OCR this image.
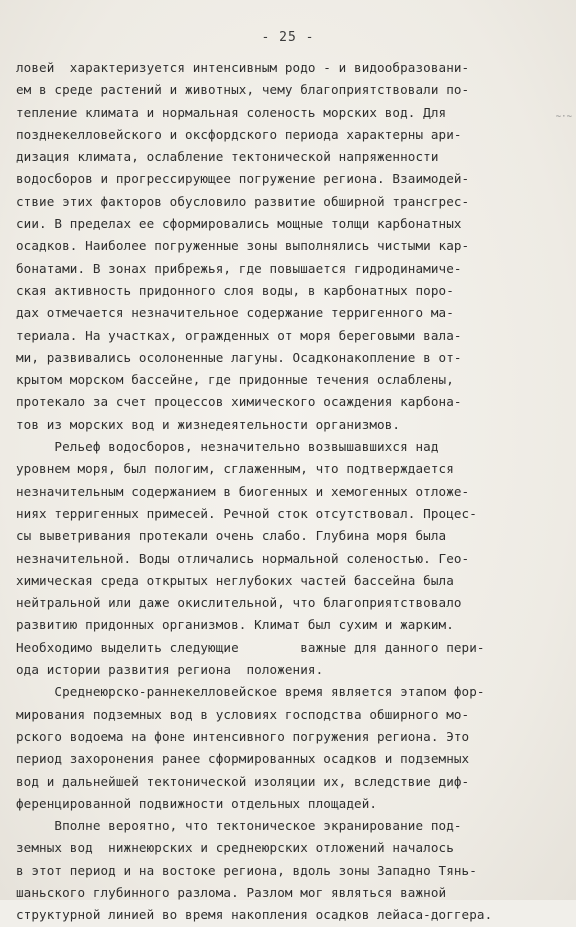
- 25 -
~·~
ловей  характеризуется интенсивным родо - и видообразовани-
ем в среде растений и животных, чему благоприятствовали по-
тепление климата и нормальная соленость морских вод. Для
позднекелловейского и оксфордского периода характерны ари-
дизация климата, ослабление тектонической напряженности
водосборов и прогрессирующее погружение региона. Взаимодей-
ствие этих факторов обусловило развитие обширной трансгрес-
сии. В пределах ее сформировались мощные толщи карбонатных
осадков. Наиболее погруженные зоны выполнялись чистыми кар-
бонатами. В зонах прибрежья, где повышается гидродинамиче-
ская активность придонного слоя воды, в карбонатных поро-
дах отмечается незначительное содержание терригенного ма-
териала. На участках, огражденных от моря береговыми вала-
ми, развивались осолоненные лагуны. Осадконакопление в от-
крытом морском бассейне, где придонные течения ослаблены,
протекало за счет процессов химического осаждения карбона-
тов из морских вод и жизнедеятельности организмов.
Рельеф водосборов, незначительно возвышавшихся над
уровнем моря, был пологим, сглаженным, что подтверждается
незначительным содержанием в биогенных и хемогенных отложе-
ниях терригенных примесей. Речной сток отсутствовал. Процес-
сы выветривания протекали очень слабо. Глубина моря была
незначительной. Воды отличались нормальной соленостью. Гео-
химическая среда открытых неглубоких частей бассейна была
нейтральной или даже окислительной, что благоприятствовало
развитию придонных организмов. Климат был сухим и жарким.
Необходимо выделить следующие        важные для данного пери-
ода истории развития региона  положения.
Среднеюрско-раннекелловейское время является этапом фор-
мирования подземных вод в условиях господства обширного мо-
рского водоема на фоне интенсивного погружения региона. Это
период захоронения ранее сформированных осадков и подземных
вод и дальнейшей тектонической изоляции их, вследствие диф-
ференцированной подвижности отдельных площадей.
Вполне вероятно, что тектоническое экранирование под-
земных вод  нижнеюрских и среднеюрских отложений началось
в этот период и на востоке региона, вдоль зоны Западно Тянь-
шаньского глубинного разлома. Разлом мог являться важной
структурной линией во время накопления осадков лейаса-доггера.
